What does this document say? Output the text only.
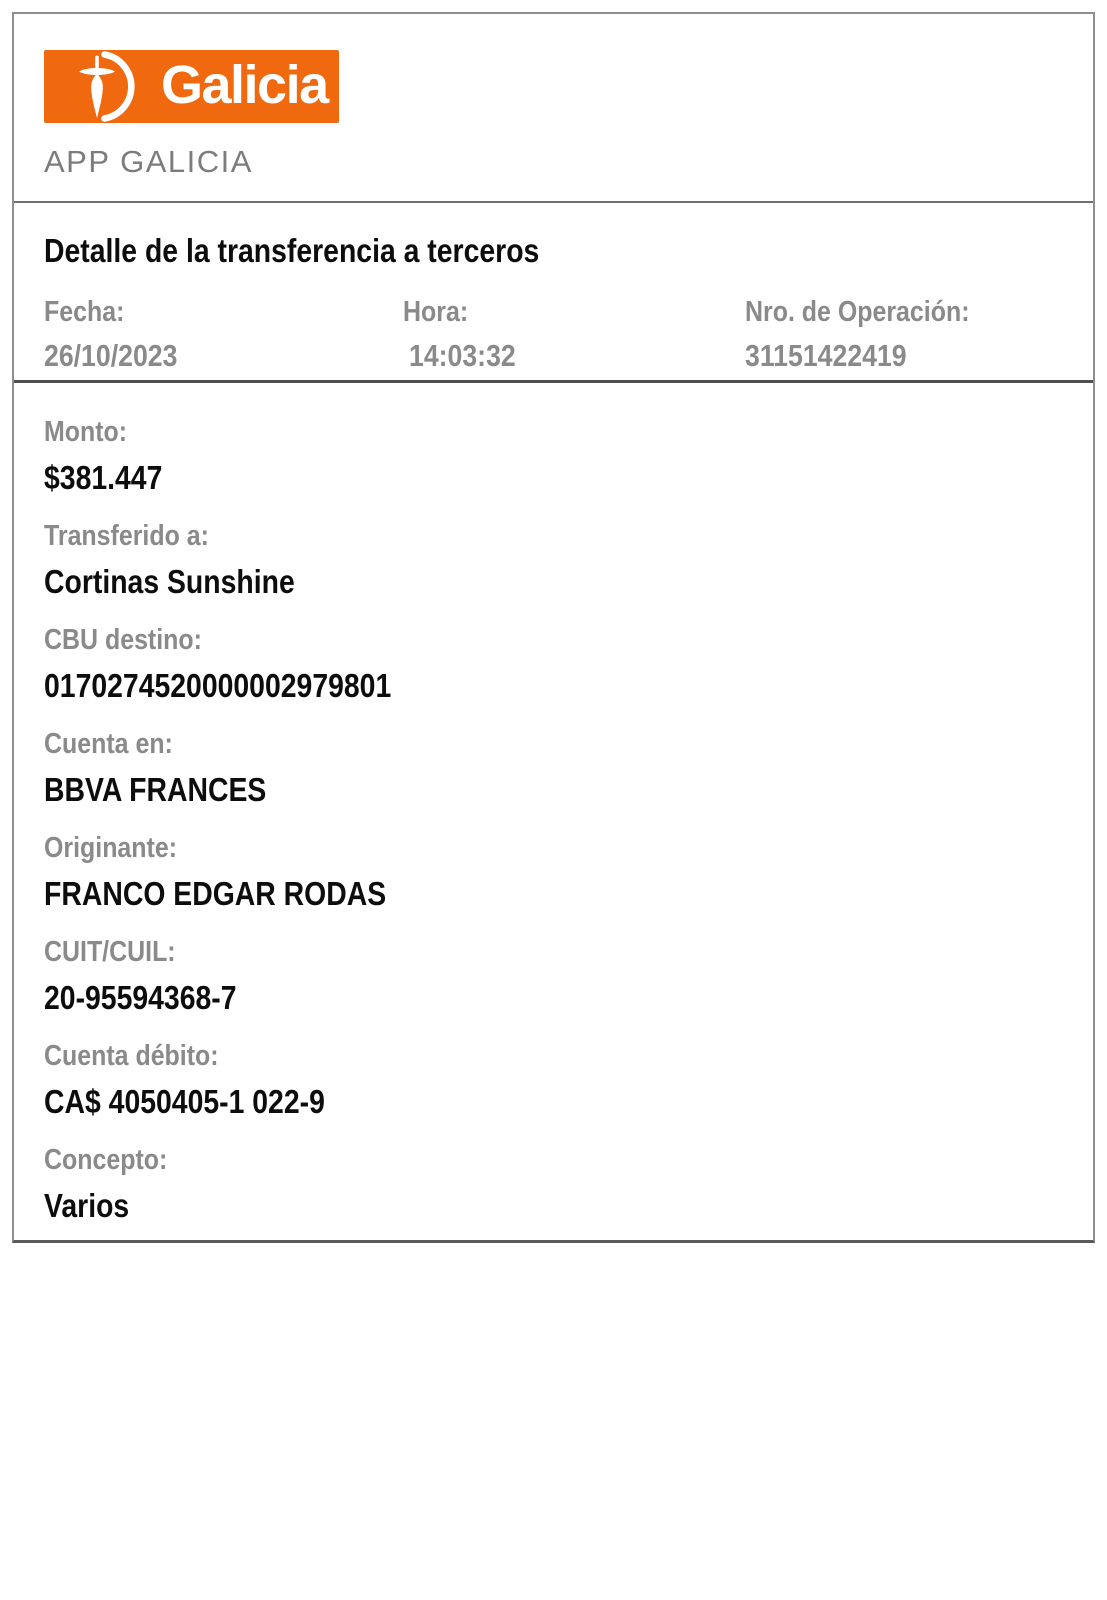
Galicia
APP GALICIA
Detalle de la transferencia a terceros
Fecha:
26/10/2023
Hora:
14:03:32
Nro. de Operación:
31151422419
Monto:
$381.447
Transferido a:
Cortinas Sunshine
CBU destino:
0170274520000002979801
Cuenta en:
BBVA FRANCES
Originante:
FRANCO EDGAR RODAS
CUIT/CUIL:
20-95594368-7
Cuenta débito:
CA$ 4050405-1 022-9
Concepto:
Varios
